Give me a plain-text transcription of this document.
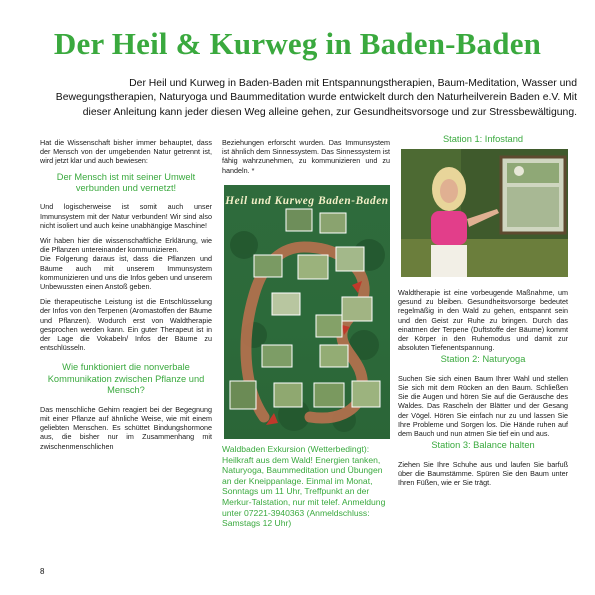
Der Heil & Kurweg in Baden-Baden
Der Heil und Kurweg in Baden-Baden mit Entspannungstherapien, Baum-Meditation, Wasser und Bewegungstherapien, Naturyoga und Baummeditation wurde entwickelt durch den Naturheilverein Baden e.V. Mit dieser Anleitung kann jeder diesen Weg alleine gehen, zur Gesundheitsvorsoge und zur Stressbewältigung.

Hat die Wissenschaft bisher immer behauptet, dass der Mensch von der umgebenden Natur getrennt ist, wird jetzt klar und auch bewiesen:

Der Mensch ist mit seiner Umwelt verbunden und vernetzt!

Und logischerweise ist somit auch unser Immunsystem mit der Natur verbunden! Wir sind also nicht isoliert und auch keine unabhängige Maschine!

Wir haben hier die wissenschaftliche Erklärung, wie die Pflanzen untereinander kommunizieren.

Die Folgerung daraus ist, dass die Pflanzen und Bäume auch mit unserem Immunsystem kommunizieren und uns die Infos geben und unserem Unbewussten einen Anstoß geben.

Die therapeutische Leistung ist die Entschlüsselung der Infos von den Terpenen (Aromastoffen der Bäume und Pflanzen). Wodurch erst von Waldtherapie gesprochen werden kann. Ein guter Therapeut ist in der Lage die Vokabeln/ Infos der Bäume zu entschlüsseln.

Wie funktioniert die nonverbale Kommunikation zwischen Pflanze und Mensch?

Das menschliche Gehirn reagiert bei der Begegnung mit einer Pflanze auf ähnliche Weise, wie mit einem geliebten Menschen. Es schüttet Bindungshormone aus, die bisher nur im Zusammenhang mit zwischenmenschlichen

Beziehungen erforscht wurden. Das Immunsystem ist ähnlich dem Sinnessystem. Das Sinnessystem ist fähig wahrzunehmen, zu kommunizieren und zu handeln. *

Heil und Kurweg Baden-Baden

Waldbaden Exkursion (Wetterbedingt): Heilkraft aus dem Wald! Energien tanken, Naturyoga, Baummeditation und Übungen an der Kneippanlage. Einmal im Monat, Sonntags um 11 Uhr, Treffpunkt an der Merkur-Talstation, nur mit telef. Anmeldung unter 07221-3940363 (Anmeldschluss: Samstags 12 Uhr)

Station 1: Infostand

Waldtherapie ist eine vorbeugende Maßnahme, um gesund zu bleiben. Gesundheitsvorsorge bedeutet regelmäßig in den Wald zu gehen, entspannt sein und den Geist zur Ruhe zu bringen. Durch das einatmen der Terpene (Duftstoffe der Bäume) kommt der Körper in den Ruhemodus und damit zur absoluten Tiefenentspannung.

Station 2: Naturyoga

Suchen Sie sich einen Baum Ihrer Wahl und stellen Sie sich mit dem Rücken an den Baum. Schließen Sie die Augen und hören Sie auf die Geräusche des Waldes. Das Rascheln der Blätter und der Gesang der Vögel. Hören Sie einfach nur zu und lassen Sie Ihre Probleme und Sorgen los. Die Hände ruhen auf dem Bauch und nun atmen Sie tief ein und aus.

Station 3: Balance halten

Ziehen Sie Ihre Schuhe aus und laufen Sie barfuß über die Baumstämme. Spüren Sie den Baum unter Ihren Füßen, wie er Sie trägt.

8
